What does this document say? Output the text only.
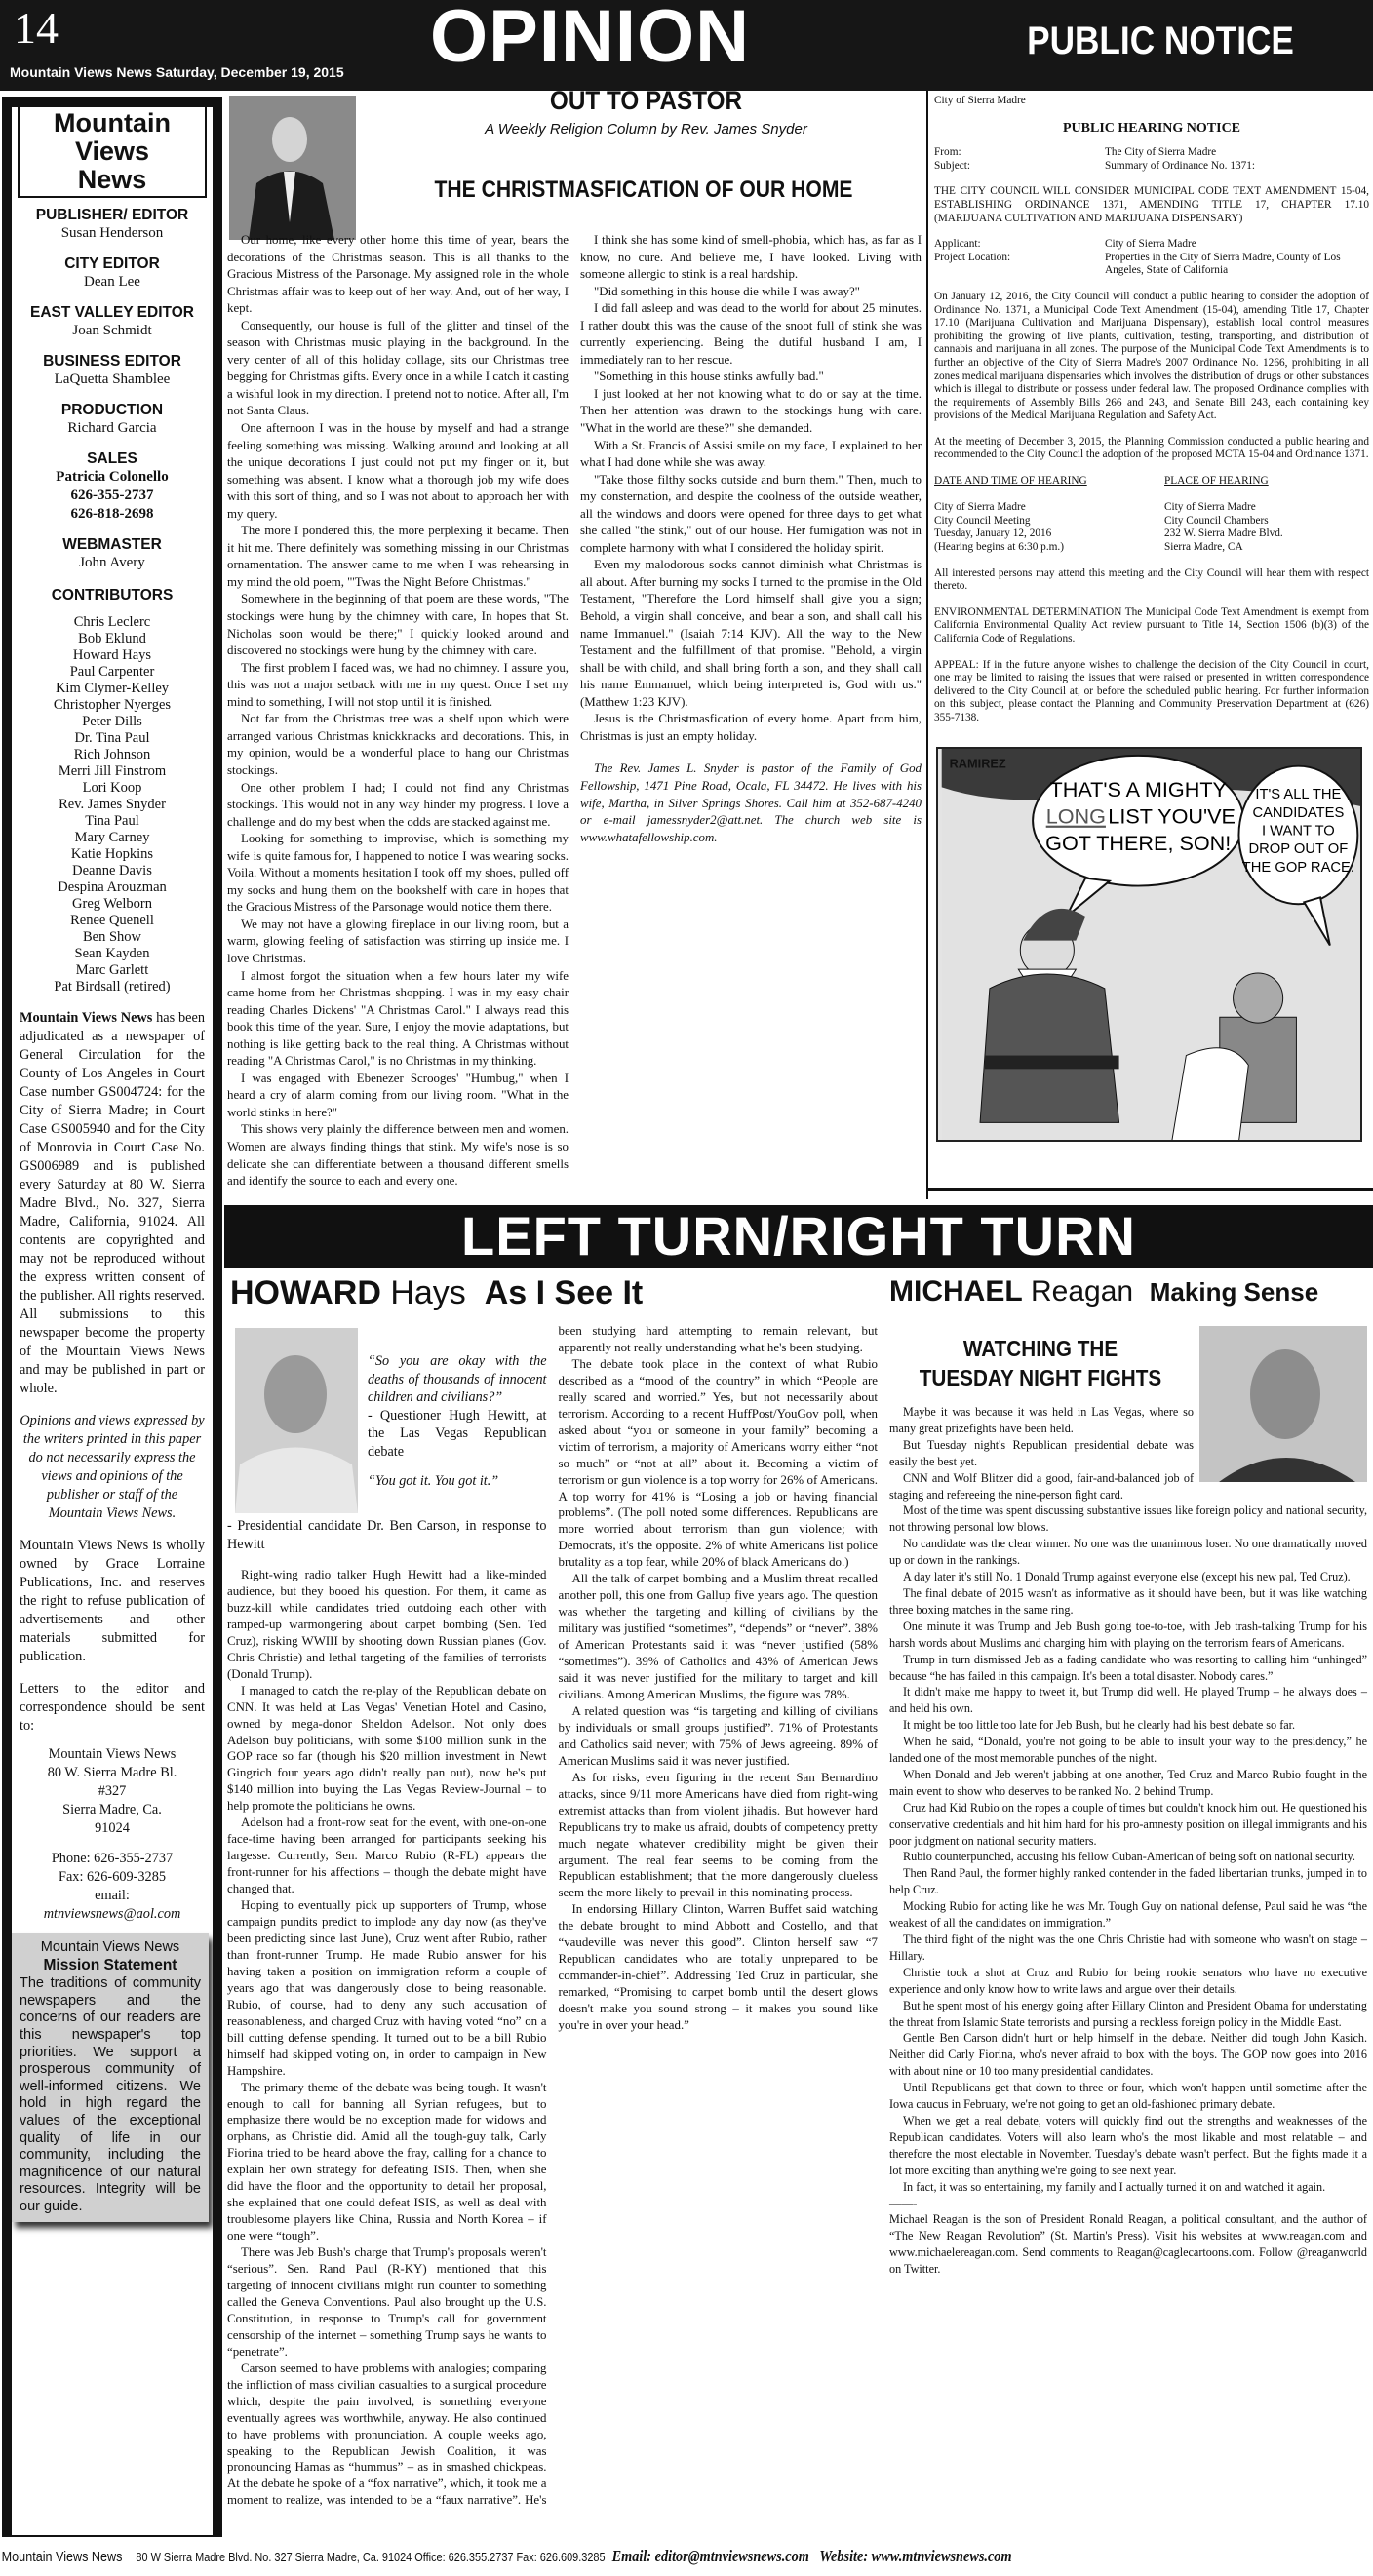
14	OPINION	PUBLIC NOTICE
Mountain Views News Saturday, December 19, 2015
Mountain
Views
News
PUBLISHER/ EDITOR
Susan Henderson
CITY EDITOR
Dean Lee
EAST VALLEY EDITOR
Joan Schmidt
BUSINESS EDITOR
LaQuetta Shamblee
PRODUCTION
Richard Garcia
SALES
Patricia Colonello
626-355-2737
626-818-2698
WEBMASTER
John Avery
CONTRIBUTORS
Chris Leclerc
Bob Eklund
Howard Hays
Paul Carpenter
Kim Clymer-Kelley
Christopher Nyerges
Peter Dills
Dr. Tina Paul
Rich Johnson
Merri Jill Finstrom
Lori Koop
Rev. James Snyder
Tina Paul
Mary Carney
Katie Hopkins
Deanne Davis
Despina Arouzman
Greg Welborn
Renee Quenell
Ben Show
Sean Kayden
Marc Garlett
Pat Birdsall (retired)
Mountain Views News has been adjudicated as a newspaper of General Circulation for the County of Los Angeles in Court Case number GS004724: for the City of Sierra Madre; in Court Case GS005940 and for the City of Monrovia in Court Case No. GS006989 and is published every Saturday at 80 W. Sierra Madre Blvd., No. 327, Sierra Madre, California, 91024. All contents are copyrighted and may not be reproduced without the express written consent of the publisher. All rights reserved. All submissions to this newspaper become the property of the Mountain Views News and may be published in part or whole.
Opinions and views expressed by the writers printed in this paper do not necessarily express the views and opinions of the publisher or staff of the Mountain Views News.
Mountain Views News is wholly owned by Grace Lorraine Publications, Inc. and reserves the right to refuse publication of advertisements and other materials submitted for publication.
Letters to the editor and correspondence should be sent to:
Mountain Views News
80 W. Sierra Madre Bl.
#327
Sierra Madre, Ca.
91024
Phone: 626-355-2737
Fax: 626-609-3285
email:
mtnviewsnews@aol.com
Mountain Views News
Mission Statement
The traditions of community newspapers and the concerns of our readers are this newspaper's top priorities. We support a prosperous community of well-informed citizens. We hold in high regard the values of the exceptional quality of life in our community, including the magnificence of our natural resources. Integrity will be our guide.
OUT TO PASTOR
A Weekly Religion Column by Rev. James Snyder
THE CHRISTMASFICATION OF OUR HOME

Our home, like every other home this time of year, bears the decorations of the Christmas season. This is all thanks to the Gracious Mistress of the Parsonage. My assigned role in the whole Christmas affair was to keep out of her way. And, out of her way, I kept.

Consequently, our house is full of the glitter and tinsel of the season with Christmas music playing in the background. In the very center of all of this holiday collage, sits our Christmas tree begging for Christmas gifts. Every once in a while I catch it casting a wishful look in my direction. I pretend not to notice. After all, I'm not Santa Claus.

One afternoon I was in the house by myself and had a strange feeling something was missing. Walking around and looking at all the unique decorations I just could not put my finger on it, but something was absent. I know what a thorough job my wife does with this sort of thing, and so I was not about to approach her with my query.

The more I pondered this, the more perplexing it became. Then it hit me. There definitely was something missing in our Christmas ornamentation. The answer came to me when I was rehearsing in my mind the old poem, "'Twas the Night Before Christmas."

Somewhere in the beginning of that poem are these words, "The stockings were hung by the chimney with care, In hopes that St. Nicholas soon would be there;" I quickly looked around and discovered no stockings were hung by the chimney with care.

The first problem I faced was, we had no chimney. I assure you, this was not a major setback with me in my quest. Once I set my mind to something, I will not stop until it is finished.

Not far from the Christmas tree was a shelf upon which were arranged various Christmas knickknacks and decorations. This, in my opinion, would be a wonderful place to hang our Christmas stockings.

One other problem I had; I could not find any Christmas stockings. This would not in any way hinder my progress. I love a challenge and do my best when the odds are stacked against me.

Looking for something to improvise, which is something my wife is quite famous for, I happened to notice I was wearing socks. Voila. Without a moments hesitation I took off my shoes, pulled off my socks and hung them on the bookshelf with care in hopes that the Gracious Mistress of the Parsonage would notice them there.

We may not have a glowing fireplace in our living room, but a warm, glowing feeling of satisfaction was stirring up inside me. I love Christmas.

I almost forgot the situation when a few hours later my wife came home from her Christmas shopping. I was in my easy chair reading Charles Dickens' "A Christmas Carol." I always read this book this time of the year. Sure, I enjoy the movie adaptations, but nothing is like getting back to the real thing. A Christmas without reading "A Christmas Carol," is no Christmas in my thinking.

I was engaged with Ebenezer Scrooges' "Humbug," when I heard a cry of alarm coming from our living room. "What in the world stinks in here?"

This shows very plainly the difference between men and women. Women are always finding things that stink. My wife's nose is so delicate she can differentiate between a thousand different smells and identify the source to each and every one.

I think she has some kind of smell-phobia, which has, as far as I know, no cure. And believe me, I have looked. Living with someone allergic to stink is a real hardship.

"Did something in this house die while I was away?"

I did fall asleep and was dead to the world for about 25 minutes. I rather doubt this was the cause of the snoot full of stink she was currently experiencing. Being the dutiful husband I am, I immediately ran to her rescue.

"Something in this house stinks awfully bad."

I just looked at her not knowing what to do or say at the time. Then her attention was drawn to the stockings hung with care. "What in the world are these?" she demanded.

With a St. Francis of Assisi smile on my face, I explained to her what I had done while she was away.

"Take those filthy socks outside and burn them." Then, much to my consternation, and despite the coolness of the outside weather, all the windows and doors were opened for three days to get what she called "the stink," out of our house. Her fumigation was not in complete harmony with what I considered the holiday spirit.

Even my malodorous socks cannot diminish what Christmas is all about. After burning my socks I turned to the promise in the Old Testament, "Therefore the Lord himself shall give you a sign; Behold, a virgin shall conceive, and bear a son, and shall call his name Immanuel." (Isaiah 7:14 KJV). All the way to the New Testament and the fulfillment of that promise. "Behold, a virgin shall be with child, and shall bring forth a son, and they shall call his name Emmanuel, which being interpreted is, God with us." (Matthew 1:23 KJV).

Jesus is the Christmasfication of every home. Apart from him, Christmas is just an empty holiday.

The Rev. James L. Snyder is pastor of the Family of God Fellowship, 1471 Pine Road, Ocala, FL 34472. He lives with his wife, Martha, in Silver Springs Shores. Call him at 352-687-4240 or e-mail jamessnyder2@att.net. The church web site is www.whatafellowship.com.

City of Sierra Madre
PUBLIC HEARING NOTICE
From:	The City of Sierra Madre
Subject:	Summary of Ordinance No. 1371:
THE CITY COUNCIL WILL CONSIDER MUNICIPAL CODE TEXT AMENDMENT 15-04, ESTABLISHING ORDINANCE 1371, AMENDING TITLE 17, CHAPTER 17.10 (MARIJUANA CULTIVATION AND MARIJUANA DISPENSARY)
Applicant:	City of Sierra Madre
Project Location:	Properties in the City of Sierra Madre, County of Los Angeles, State of California
On January 12, 2016, the City Council will conduct a public hearing to consider the adoption of Ordinance No. 1371, a Municipal Code Text Amendment (15-04), amending Title 17, Chapter 17.10 (Marijuana Cultivation and Marijuana Dispensary), establish local control measures prohibiting the growing of live plants, cultivation, testing, transporting, and distribution of cannabis and marijuana in all zones. The purpose of the Municipal Code Text Amendments is to further an objective of the City of Sierra Madre's 2007 Ordinance No. 1266, prohibiting in all zones medical marijuana dispensaries which involves the distribution of drugs or other substances which is illegal to distribute or possess under federal law. The proposed Ordinance complies with the requirements of Assembly Bills 266 and 243, and Senate Bill 243, each containing key provisions of the Medical Marijuana Regulation and Safety Act.
At the meeting of December 3, 2015, the Planning Commission conducted a public hearing and recommended to the City Council the adoption of the proposed MCTA 15-04 and Ordinance 1371.
DATE AND TIME OF HEARING

City of Sierra Madre
City Council Meeting
Tuesday, January 12, 2016
(Hearing begins at 6:30 p.m.)
PLACE OF HEARING

City of Sierra Madre
City Council Chambers
232 W. Sierra Madre Blvd.
Sierra Madre, CA
All interested persons may attend this meeting and the City Council will hear them with respect thereto.
ENVIRONMENTAL DETERMINATION The Municipal Code Text Amendment is exempt from California Environmental Quality Act review pursuant to Title 14, Section 1506 (b)(3) of the California Code of Regulations.
APPEAL: If in the future anyone wishes to challenge the decision of the City Council in court, one may be limited to raising the issues that were raised or presented in written correspondence delivered to the City Council at, or before the scheduled public hearing. For further information on this subject, please contact the Planning and Community Preservation Department at (626) 355-7138.
RAMIREZ
THAT'S A MIGHTY
LONG LIST YOU'VE
GOT THERE, SON!
IT'S ALL THE
CANDIDATES
I WANT TO
DROP OUT OF
THE GOP RACE.
LEFT TURN/RIGHT TURN
HOWARD Hays As I See It
“So you are okay with the deaths of thousands of innocent children and civilians?”
- Questioner Hugh Hewitt, at the Las Vegas Republican debate
“You got it. You got it.”
- Presidential candidate Dr. Ben Carson, in response to Hewitt

Right-wing radio talker Hugh Hewitt had a like-minded audience, but they booed his question. For them, it came as buzz-kill while candidates tried outdoing each other with ramped-up warmongering about carpet bombing (Sen. Ted Cruz), risking WWIII by shooting down Russian planes (Gov. Chris Christie) and lethal targeting of the families of terrorists (Donald Trump).

I managed to catch the re-play of the Republican debate on CNN. It was held at Las Vegas' Venetian Hotel and Casino, owned by mega-donor Sheldon Adelson. Not only does Adelson buy politicians, with some $100 million sunk in the GOP race so far (though his $20 million investment in Newt Gingrich four years ago didn't really pan out), now he's put $140 million into buying the Las Vegas Review-Journal – to help promote the politicians he owns.

Adelson had a front-row seat for the event, with one-on-one face-time having been arranged for participants seeking his largesse. Currently, Sen. Marco Rubio (R-FL) appears the front-runner for his affections – though the debate might have changed that.

Hoping to eventually pick up supporters of Trump, whose campaign pundits predict to implode any day now (as they've been predicting since last June), Cruz went after Rubio, rather than front-runner Trump. He made Rubio answer for his having taken a position on immigration reform a couple of years ago that was dangerously close to being reasonable. Rubio, of course, had to deny any such accusation of reasonableness, and charged Cruz with having voted “no” on a bill cutting defense spending. It turned out to be a bill Rubio himself had skipped voting on, in order to campaign in New Hampshire.

The primary theme of the debate was being tough. It wasn't enough to call for banning all Syrian refugees, but to emphasize there would be no exception made for widows and orphans, as Christie did. Amid all the tough-guy talk, Carly Fiorina tried to be heard above the fray, calling for a chance to explain her own strategy for defeating ISIS. Then, when she did have the floor and the opportunity to detail her proposal, she explained that one could defeat ISIS, as well as deal with troublesome players like China, Russia and North Korea – if one were “tough”.

There was Jeb Bush's charge that Trump's proposals weren't “serious”. Sen. Rand Paul (R-KY) mentioned that this targeting of innocent civilians might run counter to something called the Geneva Conventions. Paul also brought up the U.S. Constitution, in response to Trump's call for government censorship of the internet – something Trump says he wants to “penetrate”.

Carson seemed to have problems with analogies; comparing the infliction of mass civilian casualties to a surgical procedure which, despite the pain involved, is something everyone eventually agrees was worthwhile, anyway. He also continued to have problems with pronunciation. A couple weeks ago, speaking to the Republican Jewish Coalition, it was pronouncing Hamas as “hummus” – as in smashed chickpeas. At the debate he spoke of a “fox narrative”, which, it took me a moment to realize, was intended to be a “faux narrative”. He's been studying hard attempting to remain relevant, but apparently not really understanding what he's been studying.

The debate took place in the context of what Rubio described as a “mood of the country” in which “People are really scared and worried.” Yes, but not necessarily about terrorism. According to a recent HuffPost/YouGov poll, when asked about “you or someone in your family” becoming a victim of terrorism, a majority of Americans worry either “not so much” or “not at all” about it. Becoming a victim of terrorism or gun violence is a top worry for 26% of Americans. A top worry for 41% is “Losing a job or having financial problems”. (The poll noted some differences. Republicans are more worried about terrorism than gun violence; with Democrats, it's the opposite. 2% of white Americans list police brutality as a top fear, while 20% of black Americans do.)

All the talk of carpet bombing and a Muslim threat recalled another poll, this one from Gallup five years ago. The question was whether the targeting and killing of civilians by the military was justified “sometimes”, “depends” or “never”. 38% of American Protestants said it was “never justified (58% “sometimes”). 39% of Catholics and 43% of American Jews said it was never justified for the military to target and kill civilians. Among American Muslims, the figure was 78%.

A related question was “is targeting and killing of civilians by individuals or small groups justified”. 71% of Protestants and Catholics said never; with 75% of Jews agreeing. 89% of American Muslims said it was never justified.

As for risks, even figuring in the recent San Bernardino attacks, since 9/11 more Americans have died from right-wing extremist attacks than from violent jihadis. But however hard Republicans try to make us afraid, doubts of competency pretty much negate whatever credibility might be given their argument. The real fear seems to be coming from the Republican establishment; that the more dangerously clueless seem the more likely to prevail in this nominating process.

In endorsing Hillary Clinton, Warren Buffet said watching the debate brought to mind Abbott and Costello, and that “vaudeville was never this good”. Clinton herself saw “7 Republican candidates who are totally unprepared to be commander-in-chief”. Addressing Ted Cruz in particular, she remarked, “Promising to carpet bomb until the desert glows doesn't make you sound strong – it makes you sound like you're in over your head.”

MICHAEL Reagan Making Sense
WATCHING THE TUESDAY NIGHT FIGHTS

Maybe it was because it was held in Las Vegas, where so many great prizefights have been held.

But Tuesday night's Republican presidential debate was easily the best yet.

CNN and Wolf Blitzer did a good, fair-and-balanced job of staging and refereeing the nine-person fight card.

Most of the time was spent discussing substantive issues like foreign policy and national security, not throwing personal low blows.

No candidate was the clear winner. No one was the unanimous loser. No one dramatically moved up or down in the rankings.

A day later it's still No. 1 Donald Trump against everyone else (except his new pal, Ted Cruz).

The final debate of 2015 wasn't as informative as it should have been, but it was like watching three boxing matches in the same ring.

One minute it was Trump and Jeb Bush going toe-to-toe, with Jeb trash-talking Trump for his harsh words about Muslims and charging him with playing on the terrorism fears of Americans.

Trump in turn dismissed Jeb as a fading candidate who was resorting to calling him “unhinged” because “he has failed in this campaign. It's been a total disaster. Nobody cares.”

It didn't make me happy to tweet it, but Trump did well. He played Trump – he always does – and held his own.

It might be too little too late for Jeb Bush, but he clearly had his best debate so far.

When he said, “Donald, you're not going to be able to insult your way to the presidency,” he landed one of the most memorable punches of the night.

When Donald and Jeb weren't jabbing at one another, Ted Cruz and Marco Rubio fought in the main event to show who deserves to be ranked No. 2 behind Trump.

Cruz had Kid Rubio on the ropes a couple of times but couldn't knock him out. He questioned his conservative credentials and hit him hard for his pro-amnesty position on illegal immigrants and his poor judgment on national security matters.

Rubio counterpunched, accusing his fellow Cuban-American of being soft on national security.

Then Rand Paul, the former highly ranked contender in the faded libertarian trunks, jumped in to help Cruz.

Mocking Rubio for acting like he was Mr. Tough Guy on national defense, Paul said he was “the weakest of all the candidates on immigration.”

The third fight of the night was the one Chris Christie had with someone who wasn't on stage – Hillary.

Christie took a shot at Cruz and Rubio for being rookie senators who have no executive experience and only know how to write laws and argue over their details.

But he spent most of his energy going after Hillary Clinton and President Obama for understating the threat from Islamic State terrorists and pursing a reckless foreign policy in the Middle East.

Gentle Ben Carson didn't hurt or help himself in the debate. Neither did tough John Kasich. Neither did Carly Fiorina, who's never afraid to box with the boys. The GOP now goes into 2016 with about nine or 10 too many presidential candidates.

Until Republicans get that down to three or four, which won't happen until sometime after the Iowa caucus in February, we're not going to get an old-fashioned primary debate.

When we get a real debate, voters will quickly find out the strengths and weaknesses of the Republican candidates. Voters will also learn who's the most likable and most relatable – and therefore the most electable in November. Tuesday's debate wasn't perfect. But the fights made it a lot more exciting than anything we're going to see next year.

In fact, it was so entertaining, my family and I actually turned it on and watched it again.

——-

Michael Reagan is the son of President Ronald Reagan, a political consultant, and the author of “The New Reagan Revolution” (St. Martin's Press). Visit his websites at www.reagan.com and www.michaelereagan.com. Send comments to Reagan@caglecartoons.com. Follow @reaganworld on Twitter.

Mountain Views News 80 W Sierra Madre Blvd. No. 327 Sierra Madre, Ca. 91024 Office: 626.355.2737 Fax: 626.609.3285 Email: editor@mtnviewsnews.com Website: www.mtnviewsnews.com
